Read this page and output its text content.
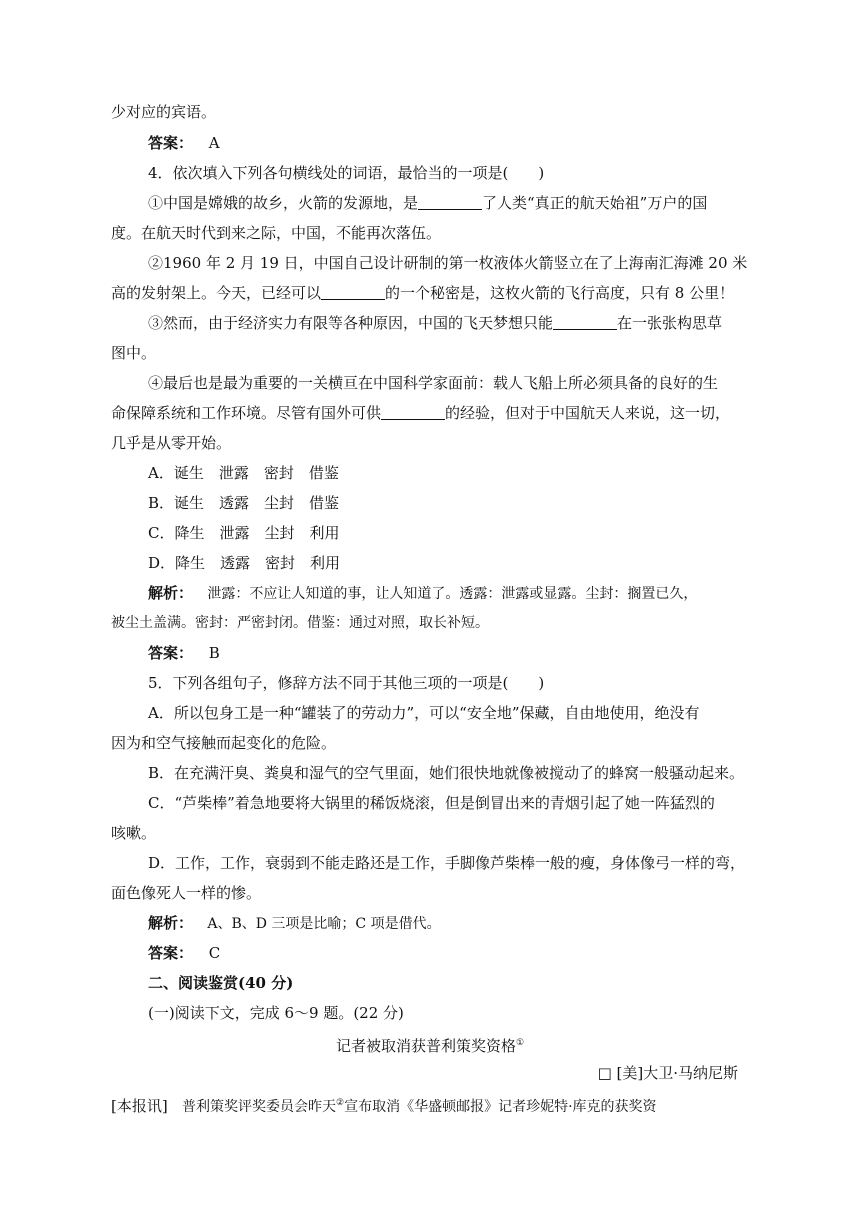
少对应的宾语。
答案： A
4．依次填入下列各句横线处的词语，最恰当的一项是(　　)
①中国是嫦娥的故乡，火箭的发源地，是	了人类“真正的航天始祖”万户的国
度。在航天时代到来之际，中国，不能再次落伍。
②1960 年 2 月 19 日，中国自己设计研制的第一枚液体火箭竖立在了上海南汇海滩 20 米
高的发射架上。今天，已经可以	的一个秘密是，这枚火箭的飞行高度，只有 8 公里！
③然而，由于经济实力有限等各种原因，中国的飞天梦想只能	在一张张构思草
图中。
④最后也是最为重要的一关横亘在中国科学家面前：载人飞船上所必须具备的良好的生
命保障系统和工作环境。尽管有国外可供	的经验，但对于中国航天人来说，这一切，
几乎是从零开始。
A．诞生　泄露　密封　借鉴
B．诞生　透露　尘封　借鉴
C．降生　泄露　尘封　利用
D．降生　透露　密封　利用
解析： 泄露：不应让人知道的事，让人知道了。透露：泄露或显露。尘封：搁置已久，
被尘土盖满。密封：严密封闭。借鉴：通过对照，取长补短。
答案： B
5．下列各组句子，修辞方法不同于其他三项的一项是(　　)
A．所以包身工是一种“罐装了的劳动力”，可以“安全地”保藏，自由地使用，绝没有
因为和空气接触而起变化的危险。
B．在充满汗臭、粪臭和湿气的空气里面，她们很快地就像被搅动了的蜂窝一般骚动起来。
C．“芦柴棒”着急地要将大锅里的稀饭烧滚，但是倒冒出来的青烟引起了她一阵猛烈的
咳嗽。
D．工作，工作，衰弱到不能走路还是工作，手脚像芦柴棒一般的瘦，身体像弓一样的弯，
面色像死人一样的惨。
解析： A、B、D 三项是比喻；C 项是借代。
答案： C
二、阅读鉴赏(40 分)
(一)阅读下文，完成 6～9 题。(22 分)
记者被取消获普利策奖资格①
□ [美]大卫·马纳尼斯
[本报讯] 普利策奖评奖委员会昨天②宣布取消《华盛顿邮报》记者珍妮特·库克的获奖资
